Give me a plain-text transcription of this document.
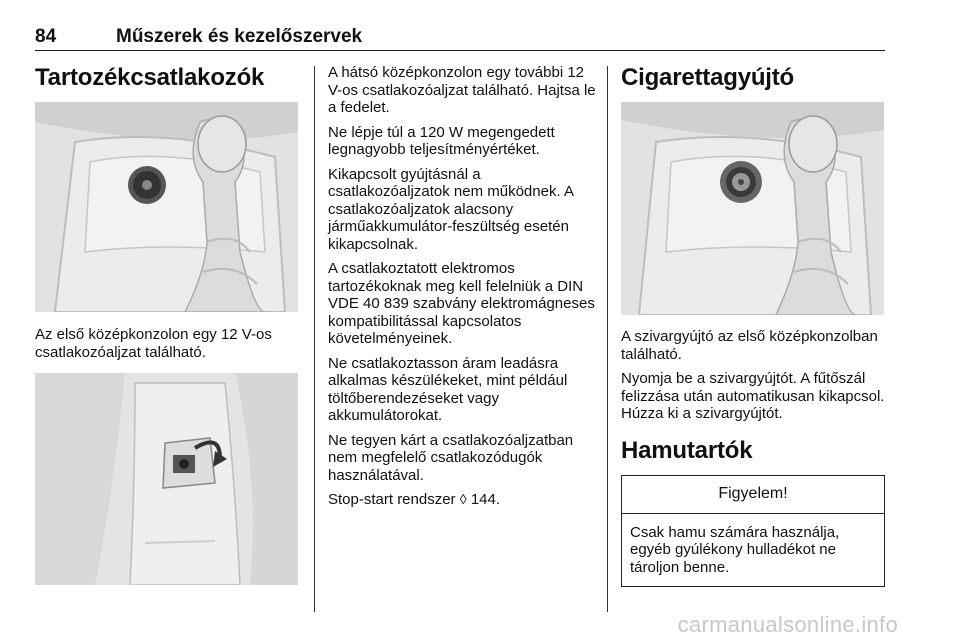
84	Műszerek és kezelőszervek
Tartozékcsatlakozók

Az első középkonzolon egy 12 V-os csatlakozóaljzat található.

A hátsó középkonzolon egy további 12 V-os csatlakozóaljzat található. Hajtsa le a fedelet.

Ne lépje túl a 120 W megengedett legnagyobb teljesítményértéket.

Kikapcsolt gyújtásnál a csatlakozóaljzatok nem működnek. A csatlakozóaljzatok alacsony járműakkumulátor-feszültség esetén kikapcsolnak.

A csatlakoztatott elektromos tartozékoknak meg kell felelniük a DIN VDE 40 839 szabvány elektromágneses kompatibilitással kapcsolatos követelményeinek.

Ne csatlakoztasson áram leadásra alkalmas készülékeket, mint például töltőberendezéseket vagy akkumulátorokat.

Ne tegyen kárt a csatlakozóaljzatban nem megfelelő csatlakozódugók használatával.

Stop-start rendszer ◊ 144.

Cigarettagyújtó

A szivargyújtó az első középkonzolban található.

Nyomja be a szivargyújtót. A fűtőszál felizzása után automatikusan kikapcsol. Húzza ki a szivargyújtót.

Hamutartók
Figyelem!
Csak hamu számára használja, egyéb gyúlékony hulladékot ne tároljon benne.
carmanualsonline.info
